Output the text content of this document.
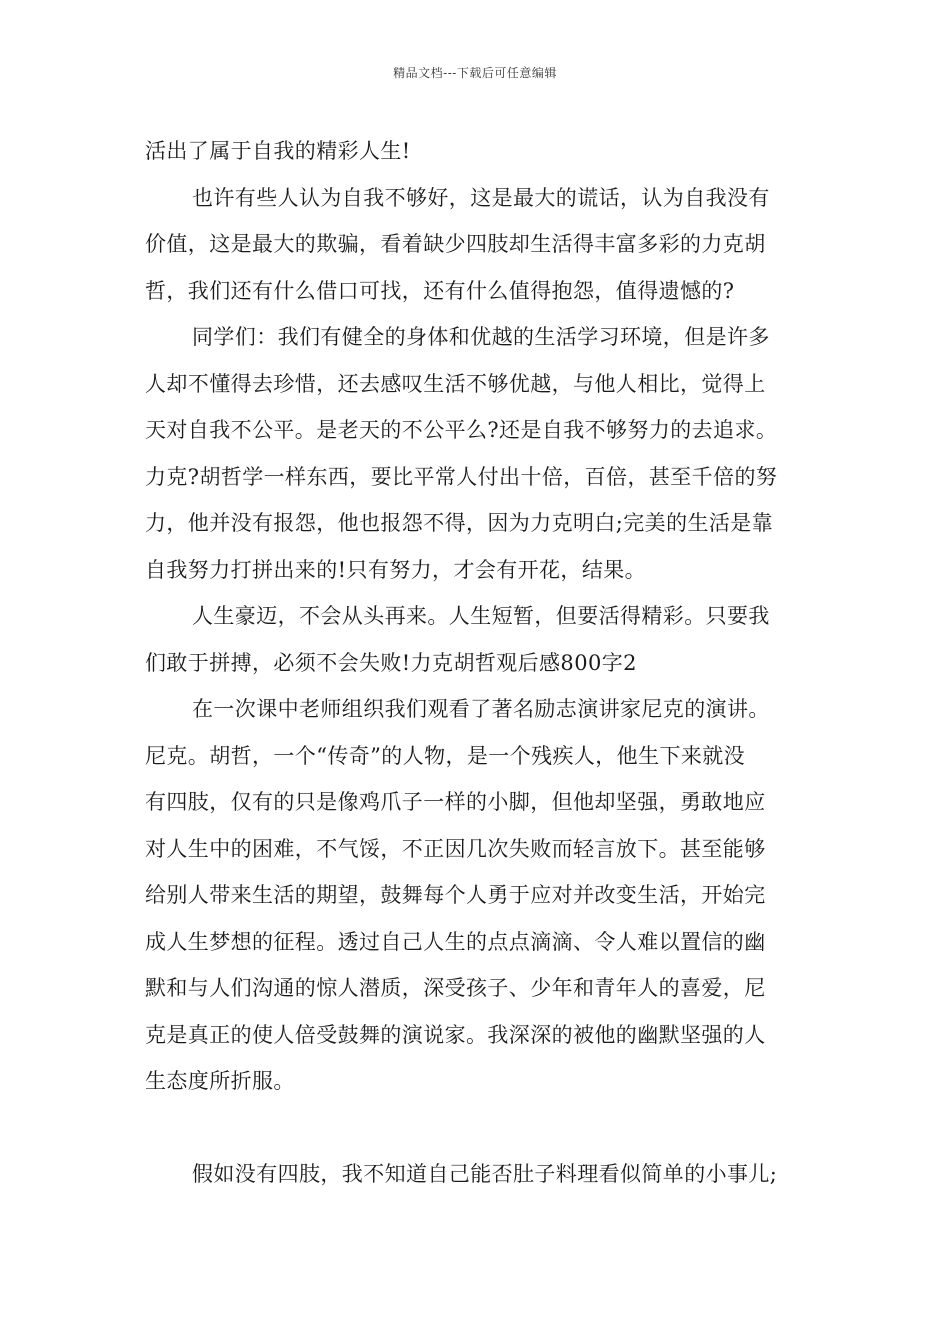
精品文档---下载后可任意编辑
活出了属于自我的精彩人生!
也许有些人认为自我不够好，这是最大的谎话，认为自我没有
价值，这是最大的欺骗，看着缺少四肢却生活得丰富多彩的力克胡
哲，我们还有什么借口可找，还有什么值得抱怨，值得遗憾的?
同学们：我们有健全的身体和优越的生活学习环境，但是许多
人却不懂得去珍惜，还去感叹生活不够优越，与他人相比，觉得上
天对自我不公平。是老天的不公平么?还是自我不够努力的去追求。
力克?胡哲学一样东西，要比平常人付出十倍，百倍，甚至千倍的努
力，他并没有报怨，他也报怨不得，因为力克明白;完美的生活是靠
自我努力打拼出来的!只有努力，才会有开花，结果。
人生豪迈，不会从头再来。人生短暂，但要活得精彩。只要我
们敢于拼搏，必须不会失败!力克胡哲观后感800字2
在一次课中老师组织我们观看了著名励志演讲家尼克的演讲。
尼克。胡哲，一个“传奇”的人物，是一个残疾人，他生下来就没
有四肢，仅有的只是像鸡爪子一样的小脚，但他却坚强，勇敢地应
对人生中的困难，不气馁，不正因几次失败而轻言放下。甚至能够
给别人带来生活的期望，鼓舞每个人勇于应对并改变生活，开始完
成人生梦想的征程。透过自己人生的点点滴滴、令人难以置信的幽
默和与人们沟通的惊人潜质，深受孩子、少年和青年人的喜爱，尼
克是真正的使人倍受鼓舞的演说家。我深深的被他的幽默坚强的人
生态度所折服。
假如没有四肢，我不知道自己能否肚子料理看似简单的小事儿;
